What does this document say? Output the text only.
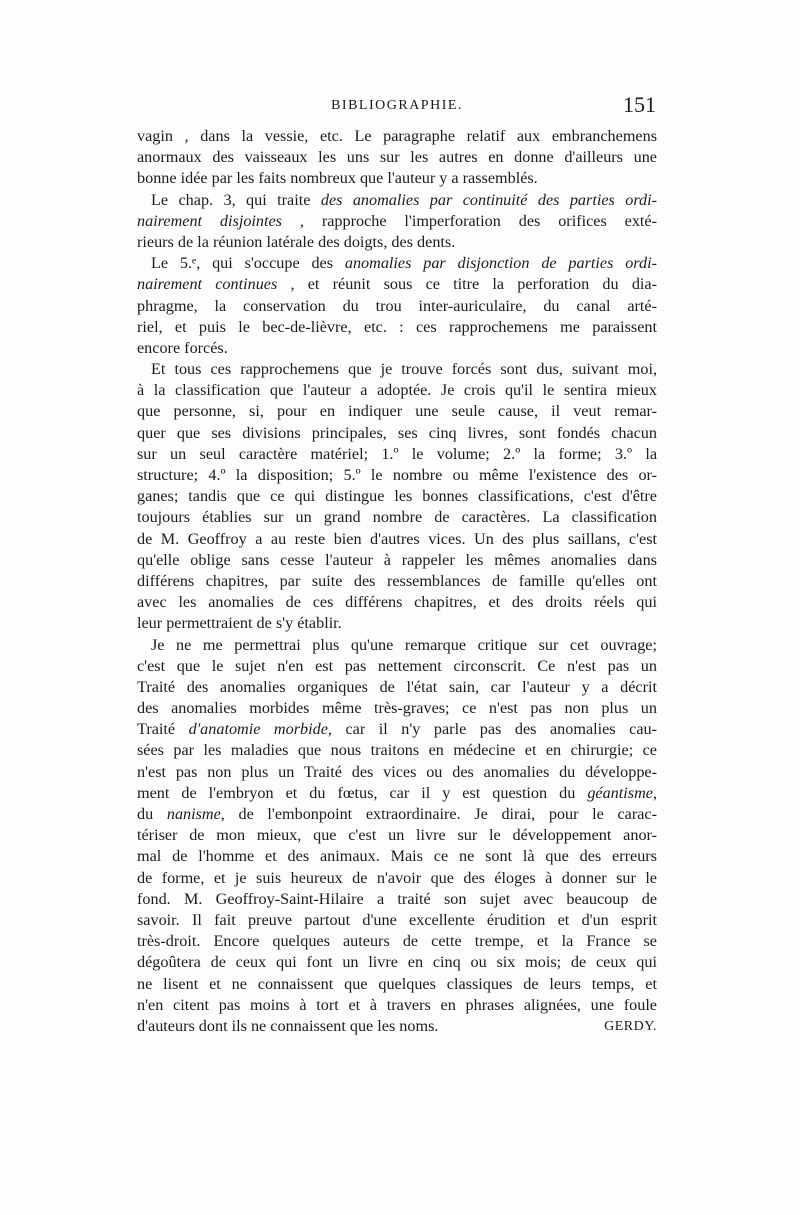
BIBLIOGRAPHIE.	151
vagin , dans la vessie, etc. Le paragraphe relatif aux embranchemens
anormaux des vaisseaux les uns sur les autres en donne d'ailleurs une
bonne idée par les faits nombreux que l'auteur y a rassemblés.
Le chap. 3, qui traite des anomalies par continuité des parties ordi-
nairement disjointes , rapproche l'imperforation des orifices exté-
rieurs de la réunion latérale des doigts, des dents.
Le 5.ᵉ, qui s'occupe des anomalies par disjonction de parties ordi-
nairement continues , et réunit sous ce titre la perforation du dia-
phragme, la conservation du trou inter-auriculaire, du canal arté-
riel, et puis le bec-de-lièvre, etc. : ces rapprochemens me paraissent
encore forcés.
Et tous ces rapprochemens que je trouve forcés sont dus, suivant moi,
à la classification que l'auteur a adoptée. Je crois qu'il le sentira mieux
que personne, si, pour en indiquer une seule cause, il veut remar-
quer que ses divisions principales, ses cinq livres, sont fondés chacun
sur un seul caractère matériel; 1.º le volume; 2.º la forme; 3.º la
structure; 4.º la disposition; 5.º le nombre ou même l'existence des or-
ganes; tandis que ce qui distingue les bonnes classifications, c'est d'être
toujours établies sur un grand nombre de caractères. La classification
de M. Geoffroy a au reste bien d'autres vices. Un des plus saillans, c'est
qu'elle oblige sans cesse l'auteur à rappeler les mêmes anomalies dans
différens chapitres, par suite des ressemblances de famille qu'elles ont
avec les anomalies de ces différens chapitres, et des droits réels qui
leur permettraient de s'y établir.
Je ne me permettrai plus qu'une remarque critique sur cet ouvrage;
c'est que le sujet n'en est pas nettement circonscrit. Ce n'est pas un
Traité des anomalies organiques de l'état sain, car l'auteur y a décrit
des anomalies morbides même très-graves; ce n'est pas non plus un
Traité d'anatomie morbide, car il n'y parle pas des anomalies cau-
sées par les maladies que nous traitons en médecine et en chirurgie; ce
n'est pas non plus un Traité des vices ou des anomalies du développe-
ment de l'embryon et du fœtus, car il y est question du géantisme,
du nanisme, de l'embonpoint extraordinaire. Je dirai, pour le carac-
tériser de mon mieux, que c'est un livre sur le développement anor-
mal de l'homme et des animaux. Mais ce ne sont là que des erreurs
de forme, et je suis heureux de n'avoir que des éloges à donner sur le
fond. M. Geoffroy-Saint-Hilaire a traité son sujet avec beaucoup de
savoir. Il fait preuve partout d'une excellente érudition et d'un esprit
très-droit. Encore quelques auteurs de cette trempe, et la France se
dégoûtera de ceux qui font un livre en cinq ou six mois; de ceux qui
ne lisent et ne connaissent que quelques classiques de leurs temps, et
n'en citent pas moins à tort et à travers en phrases alignées, une foule
d'auteurs dont ils ne connaissent que les noms.	GERDY.
